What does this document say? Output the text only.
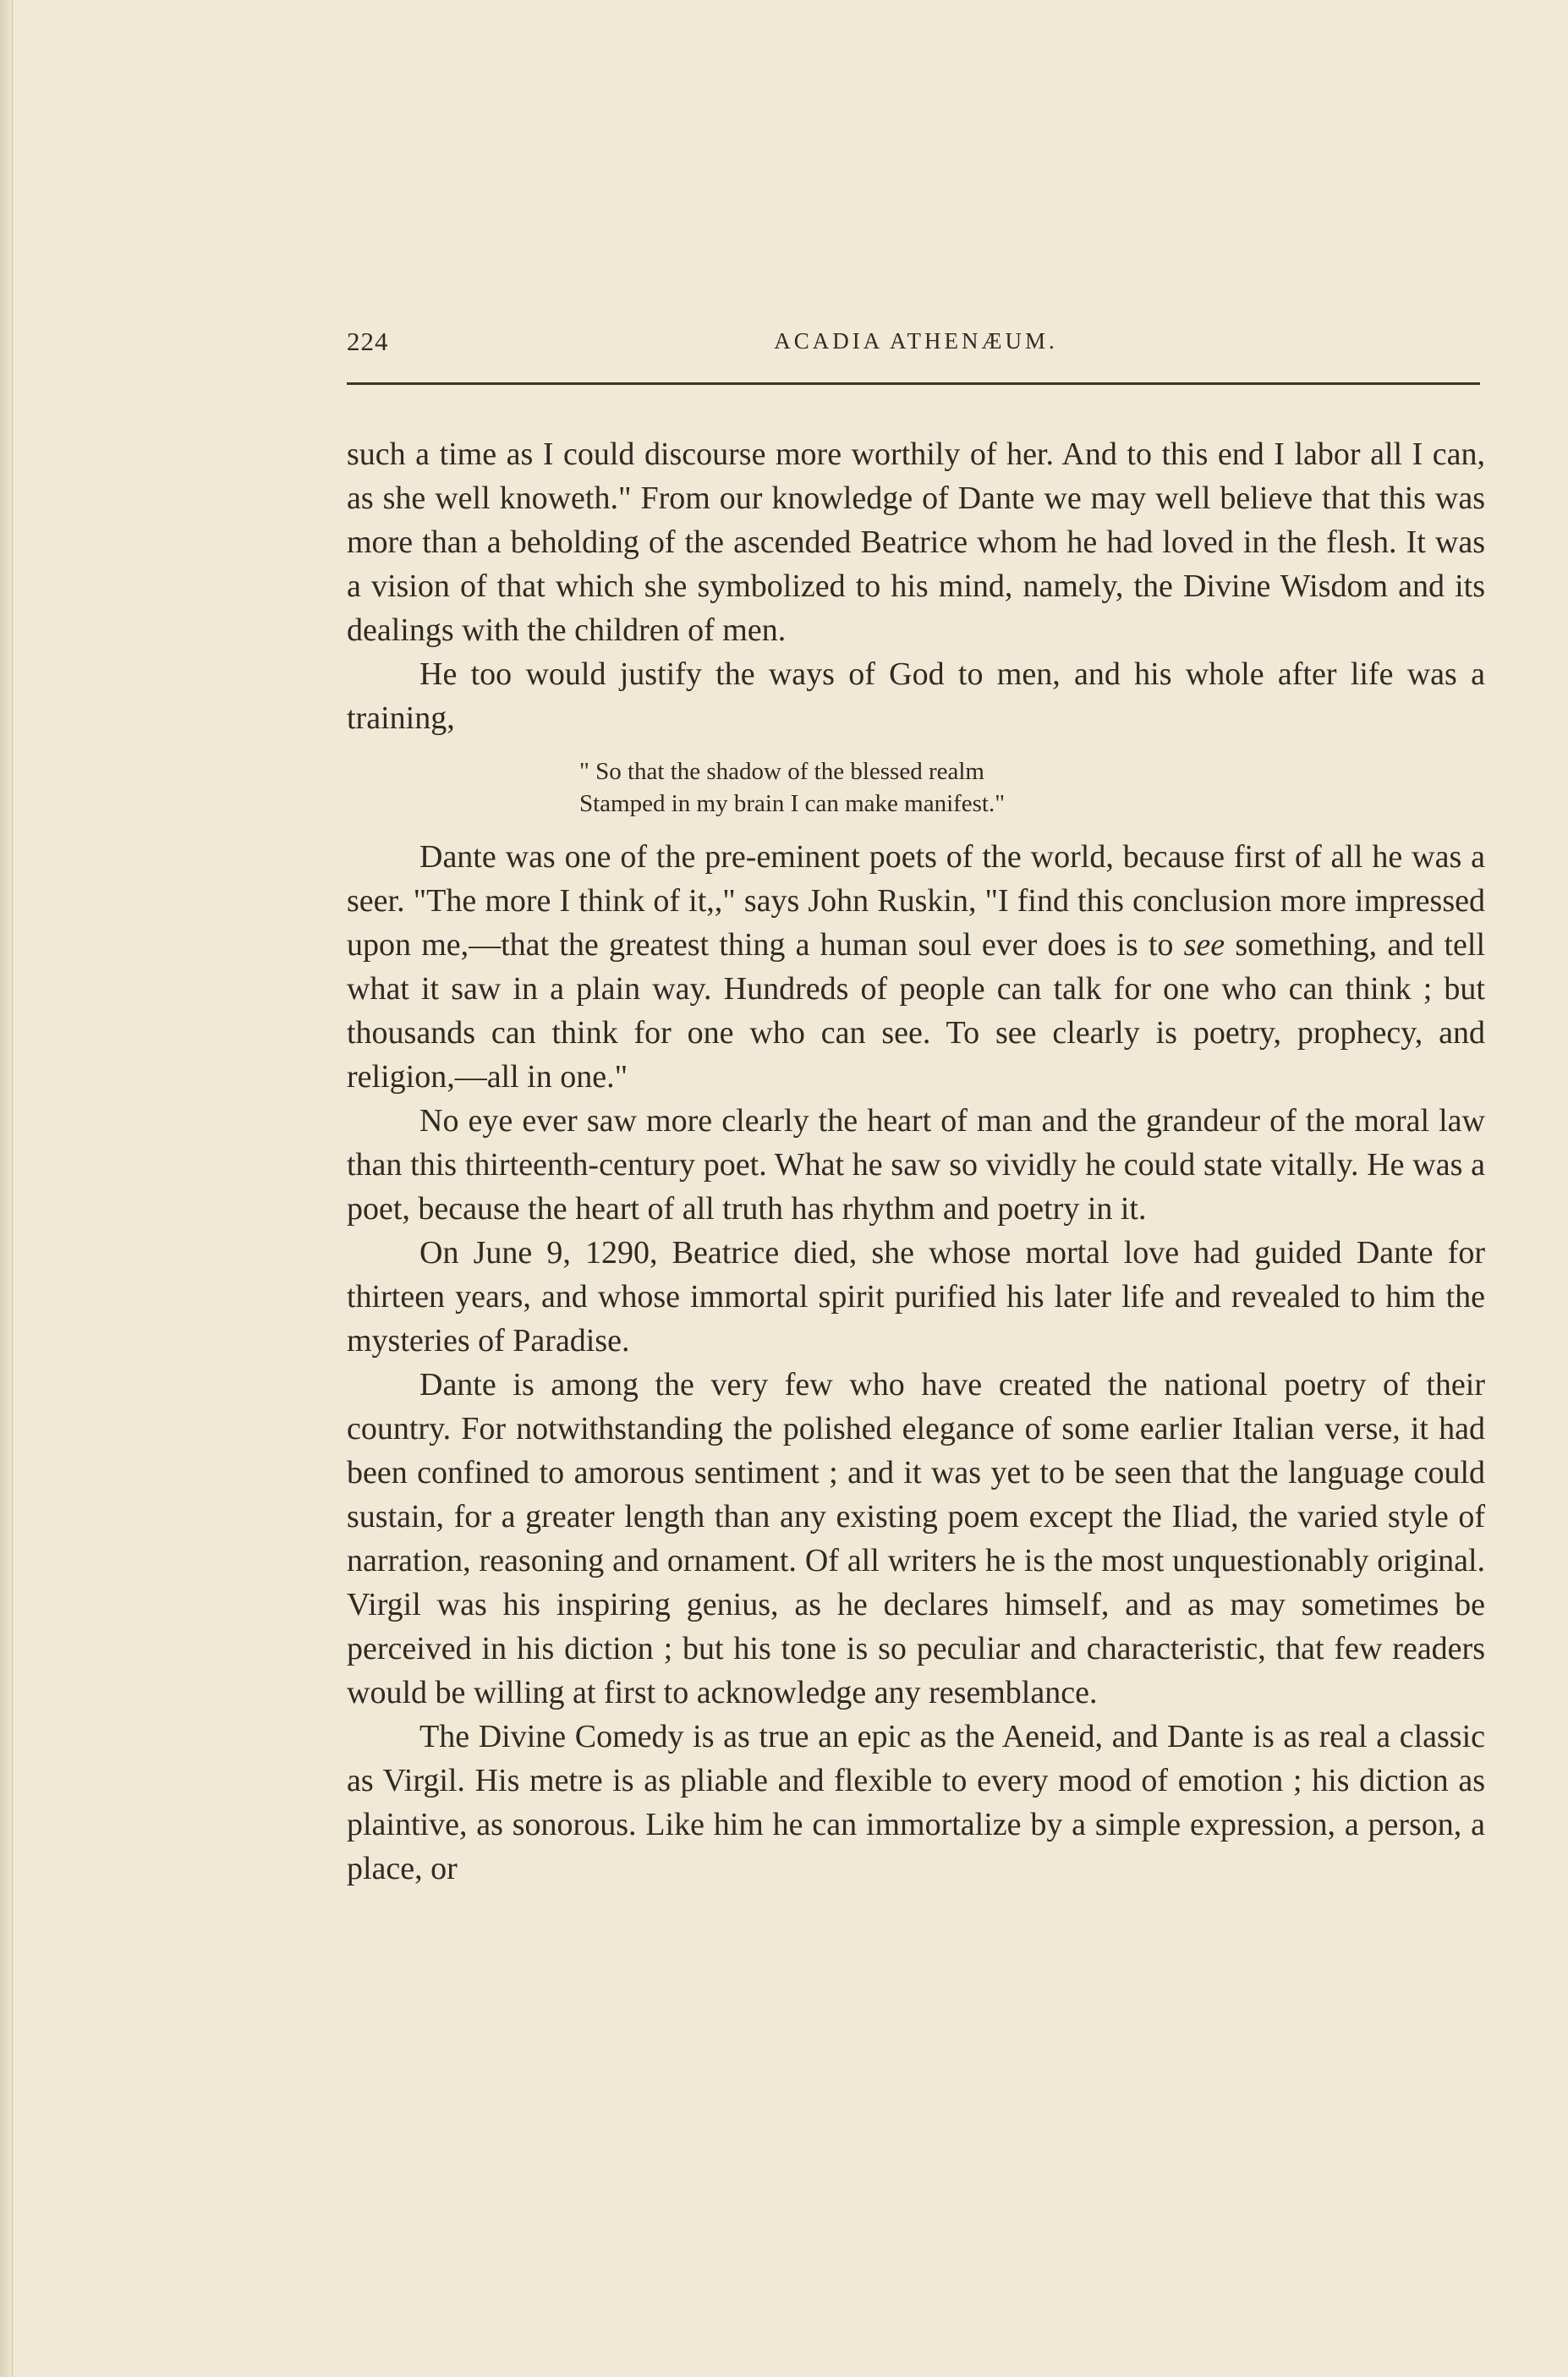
224	ACADIA ATHENÆUM.

such a time as I could discourse more worthily of her. And to this end I labor all I can, as she well knoweth." From our knowledge of Dante we may well believe that this was more than a beholding of the ascended Beatrice whom he had loved in the flesh. It was a vision of that which she symbolized to his mind, namely, the Divine Wisdom and its dealings with the children of men.

He too would justify the ways of God to men, and his whole after life was a training,

" So that the shadow of the blessed realm
Stamped in my brain I can make manifest."

Dante was one of the pre-eminent poets of the world, because first of all he was a seer. "The more I think of it,," says John Ruskin, "I find this conclusion more impressed upon me,—that the greatest thing a human soul ever does is to see something, and tell what it saw in a plain way. Hundreds of people can talk for one who can think ; but thousands can think for one who can see. To see clearly is poetry, prophecy, and religion,—all in one."

No eye ever saw more clearly the heart of man and the grandeur of the moral law than this thirteenth-century poet. What he saw so vividly he could state vitally. He was a poet, because the heart of all truth has rhythm and poetry in it.

On June 9, 1290, Beatrice died, she whose mortal love had guided Dante for thirteen years, and whose immortal spirit purified his later life and revealed to him the mysteries of Paradise.

Dante is among the very few who have created the national poetry of their country. For notwithstanding the polished elegance of some earlier Italian verse, it had been confined to amorous sentiment ; and it was yet to be seen that the language could sustain, for a greater length than any existing poem except the Iliad, the varied style of narration, reasoning and ornament. Of all writers he is the most unquestionably original. Virgil was his inspiring genius, as he declares himself, and as may sometimes be perceived in his diction ; but his tone is so peculiar and characteristic, that few readers would be willing at first to acknowledge any resemblance.

The Divine Comedy is as true an epic as the Aeneid, and Dante is as real a classic as Virgil. His metre is as pliable and flexible to every mood of emotion ; his diction as plaintive, as sonorous. Like him he can immortalize by a simple expression, a person, a place, or
